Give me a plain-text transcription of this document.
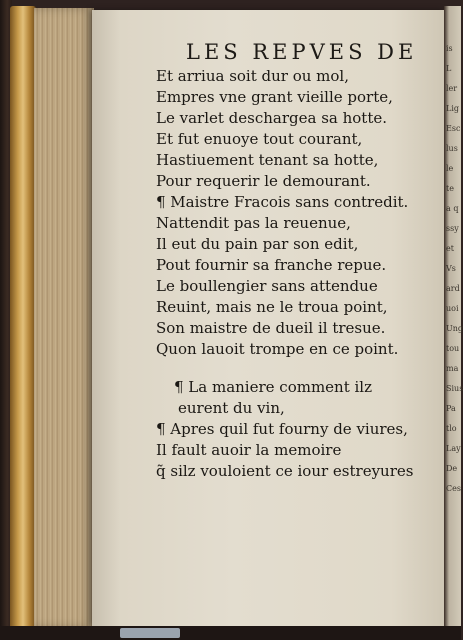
is
L
ler
Lig
Esc
lus
le
te
a q
ssy
et
Vs
ard
uoi
Ung
tou
ma
Sius
Pa
tlo
Lay
De
Ces
LES REPVES DE
Et arriua soit dur ou mol,
Empres vne grant vieille porte,
Le varlet deschargea sa hotte.
Et fut enuoye tout courant,
Hastiuement tenant sa hotte,
Pour requerir le demourant.
¶ Maistre Fracois sans contredit.
Nattendit pas la reuenue,
Il eut du pain par son edit,
Pout fournir sa franche repue.
Le boullengier sans attendue
Reuint, mais ne le troua point,
Son maistre de dueil il tresue.
Quon lauoit trompe en ce point.
¶ La maniere comment ilz
eurent du vin,
¶ Apres quil fut fourny de viures,
Il fault auoir la memoire
q̃ silz vouloient ce iour estreyures
